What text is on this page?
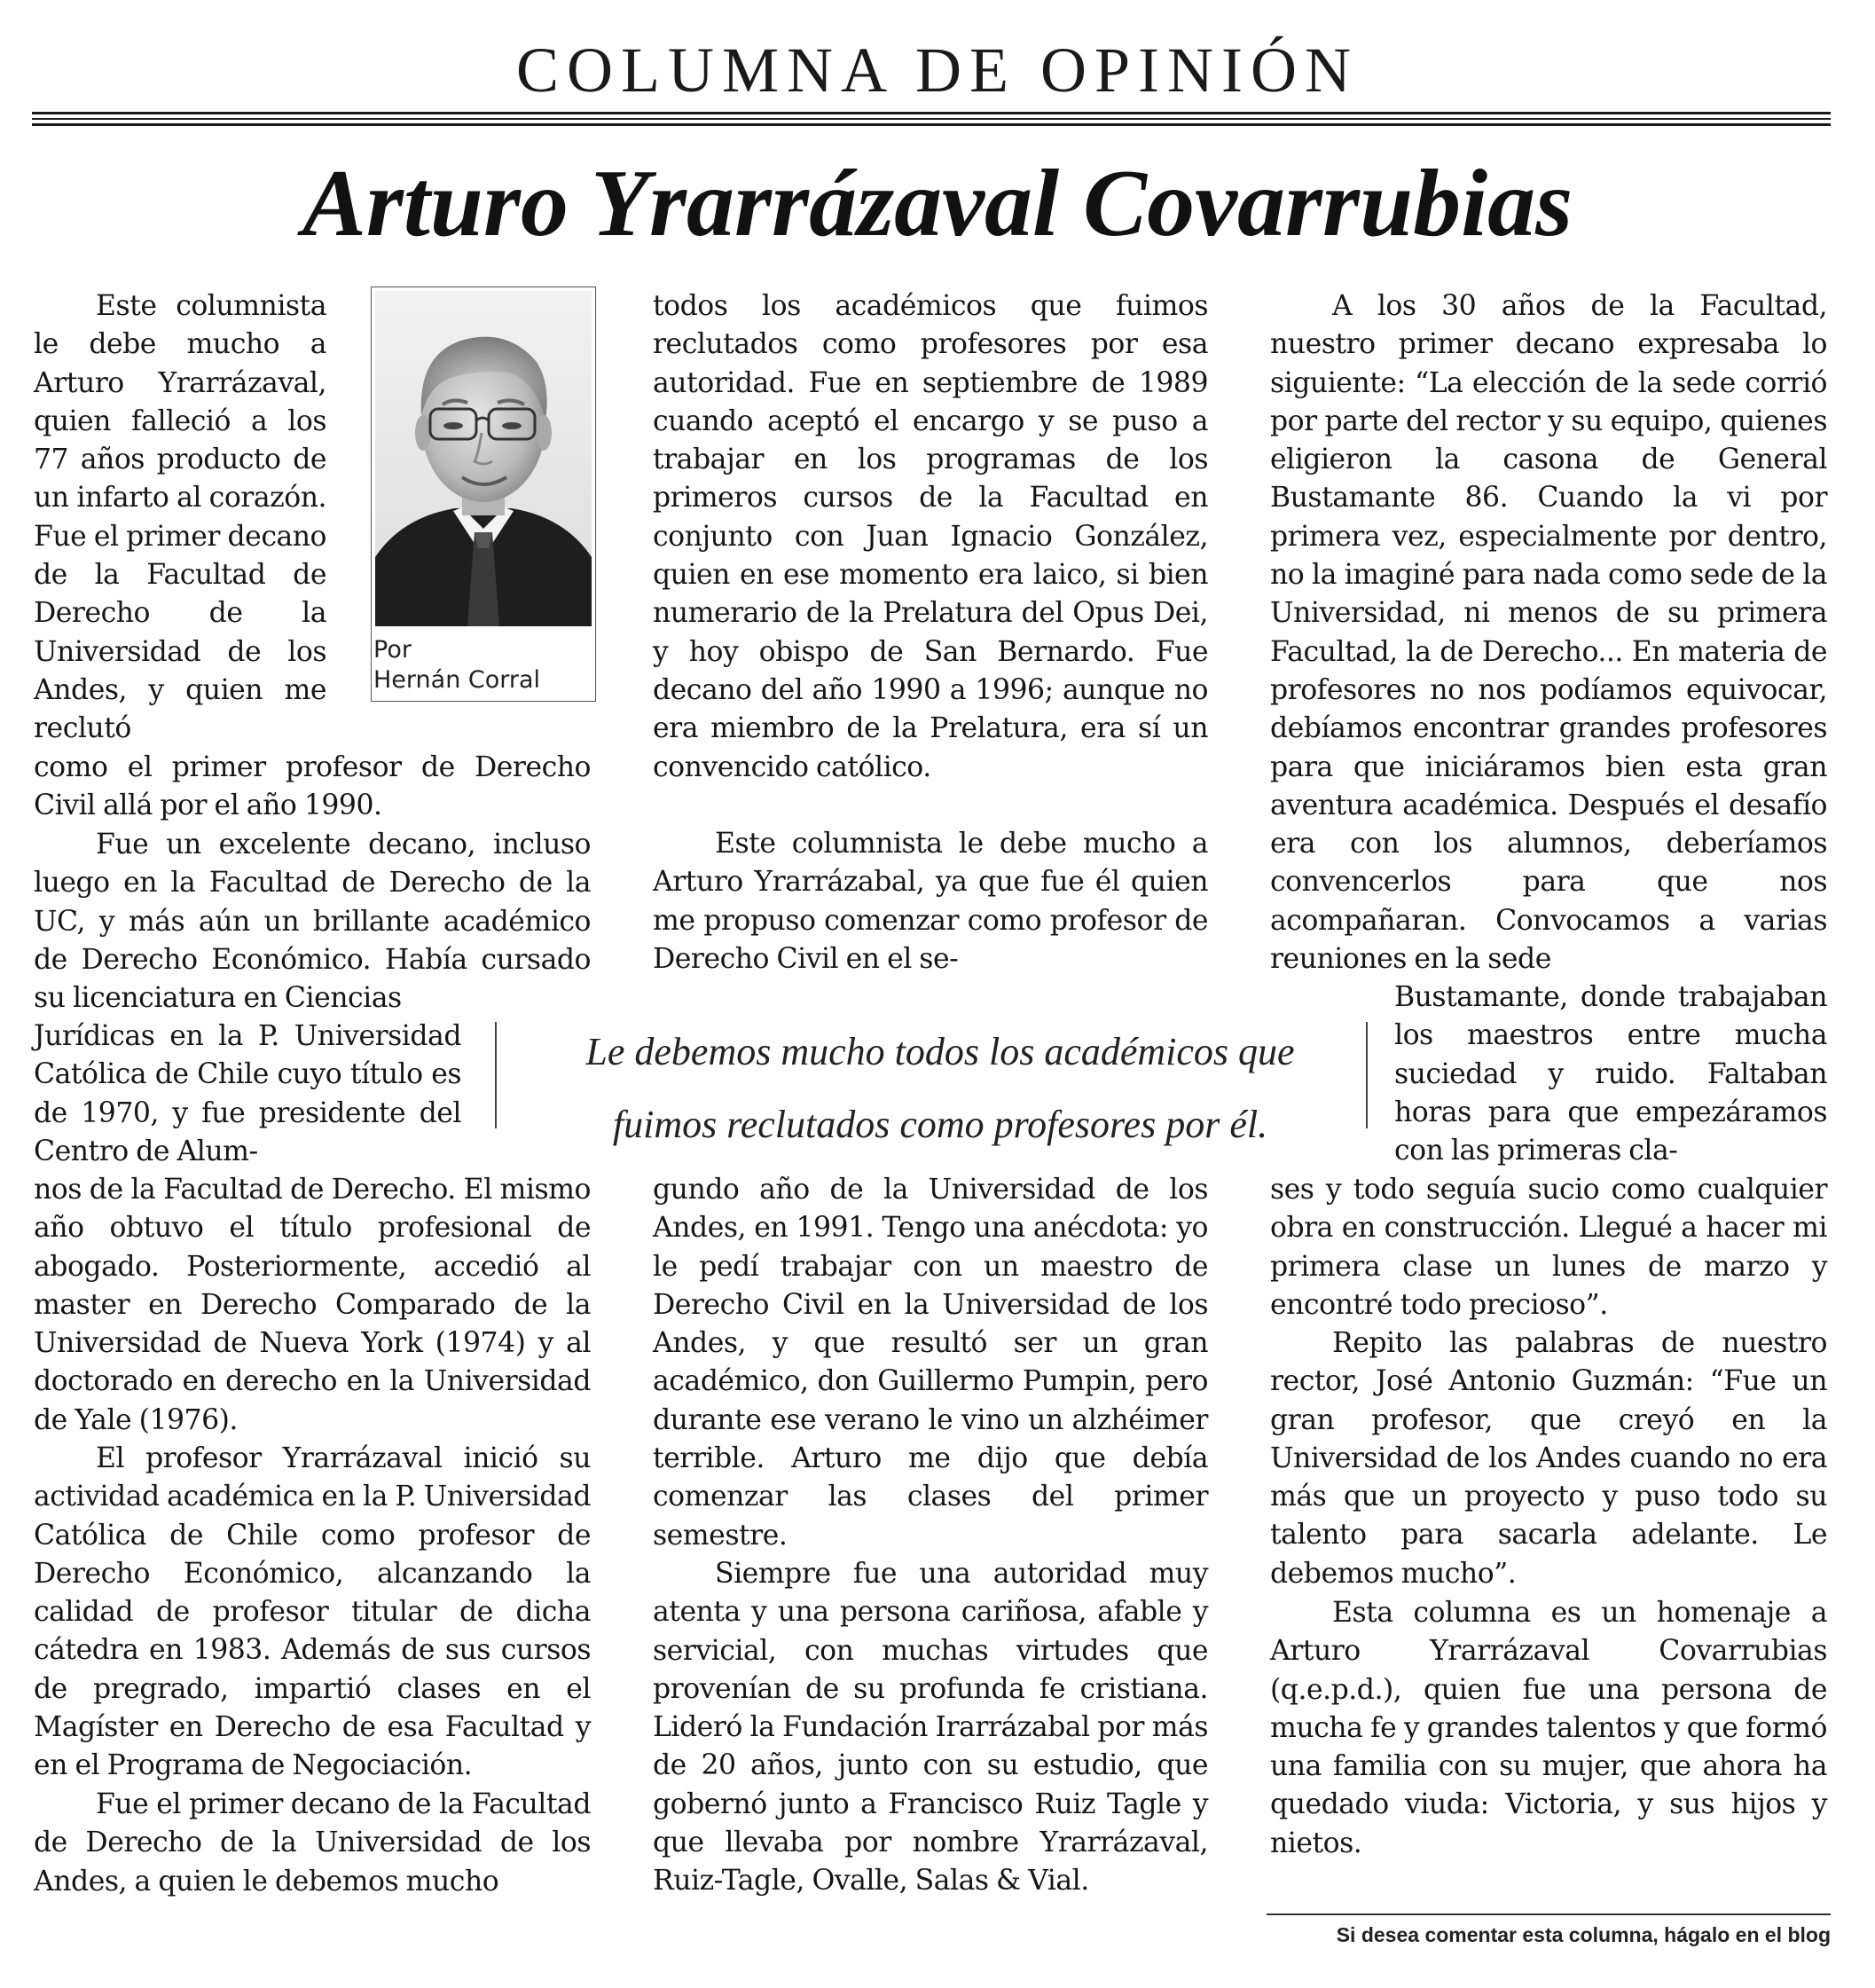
COLUMNA DE OPINIÓN
Arturo Yrarrázaval Covarrubias
Por
Hernán Corral

Este columnista le debe mucho a Arturo Yrarrázaval, quien falleció a los 77 años producto de un infarto al corazón. Fue el primer decano de la Facultad de Derecho de la Universidad de los Andes, y quien me reclutó

como el primer profesor de Derecho Civil allá por el año 1990.

Fue un excelente decano, incluso luego en la Facultad de Derecho de la UC, y más aún un brillante académico de Derecho Económico. Había cursado su licenciatura en Ciencias

Jurídicas en la P. Universidad Católica de Chile cuyo título es de 1970, y fue presidente del Centro de Alum-

nos de la Facultad de Derecho. El mismo año obtuvo el título profesional de abogado. Posteriormente, accedió al master en Derecho Comparado de la Universidad de Nueva York (1974) y al doctorado en derecho en la Universidad de Yale (1976).

El profesor Yrarrázaval inició su actividad académica en la P. Universidad Católica de Chile como profesor de Derecho Económico, alcanzando la calidad de profesor titular de dicha cátedra en 1983. Además de sus cursos de pregrado, impartió clases en el Magíster en Derecho de esa Facultad y en el Programa de Negociación.

Fue el primer decano de la Facultad de Derecho de la Universidad de los Andes, a quien le debemos mucho

todos los académicos que fuimos reclutados como profesores por esa autoridad. Fue en septiembre de 1989 cuando aceptó el encargo y se puso a trabajar en los programas de los primeros cursos de la Facultad en conjunto con Juan Ignacio González, quien en ese momento era laico, si bien numerario de la Prelatura del Opus Dei, y hoy obispo de San Bernardo. Fue decano del año 1990 a 1996; aunque no era miembro de la Prelatura, era sí un convencido católico.

Este columnista le debe mucho a Arturo Yrarrázabal, ya que fue él quien me propuso comenzar como profesor de Derecho Civil en el se-

gundo año de la Universidad de los Andes, en 1991. Tengo una anécdota: yo le pedí trabajar con un maestro de Derecho Civil en la Universidad de los Andes, y que resultó ser un gran académico, don Guillermo Pumpin, pero durante ese verano le vino un alzhéimer terrible. Arturo me dijo que debía comenzar las clases del primer semestre.

Siempre fue una autoridad muy atenta y una persona cariñosa, afable y servicial, con muchas virtudes que provenían de su profunda fe cristiana. Lideró la Fundación Irarrázabal por más de 20 años, junto con su estudio, que gobernó junto a Francisco Ruiz Tagle y que llevaba por nombre Yrarrázaval, Ruiz-Tagle, Ovalle, Salas & Vial.

A los 30 años de la Facultad, nuestro primer decano expresaba lo siguiente: “La elección de la sede corrió por parte del rector y su equipo, quienes eligieron la casona de General Bustamante 86. Cuando la vi por primera vez, especialmente por dentro, no la imaginé para nada como sede de la Universidad, ni menos de su primera Facultad, la de Derecho... En materia de profesores no nos podíamos equivocar, debíamos encontrar grandes profesores para que iniciáramos bien esta gran aventura académica. Después el desafío era con los alumnos, deberíamos convencerlos para que nos acompañaran. Convocamos a varias reuniones en la sede

Bustamante, donde trabajaban los maestros entre mucha suciedad y ruido. Faltaban horas para que empezáramos con las primeras cla-

ses y todo seguía sucio como cualquier obra en construcción. Llegué a hacer mi primera clase un lunes de marzo y encontré todo precioso”.

Repito las palabras de nuestro rector, José Antonio Guzmán: “Fue un gran profesor, que creyó en la Universidad de los Andes cuando no era más que un proyecto y puso todo su talento para sacarla adelante. Le debemos mucho”.

Esta columna es un homenaje a Arturo Yrarrázaval Covarrubias (q.e.p.d.), quien fue una persona de mucha fe y grandes talentos y que formó una familia con su mujer, que ahora ha quedado viuda: Victoria, y sus hijos y nietos.

Le debemos mucho todos los académicos que
fuimos reclutados como profesores por él.
Si desea comentar esta columna, hágalo en el blog
